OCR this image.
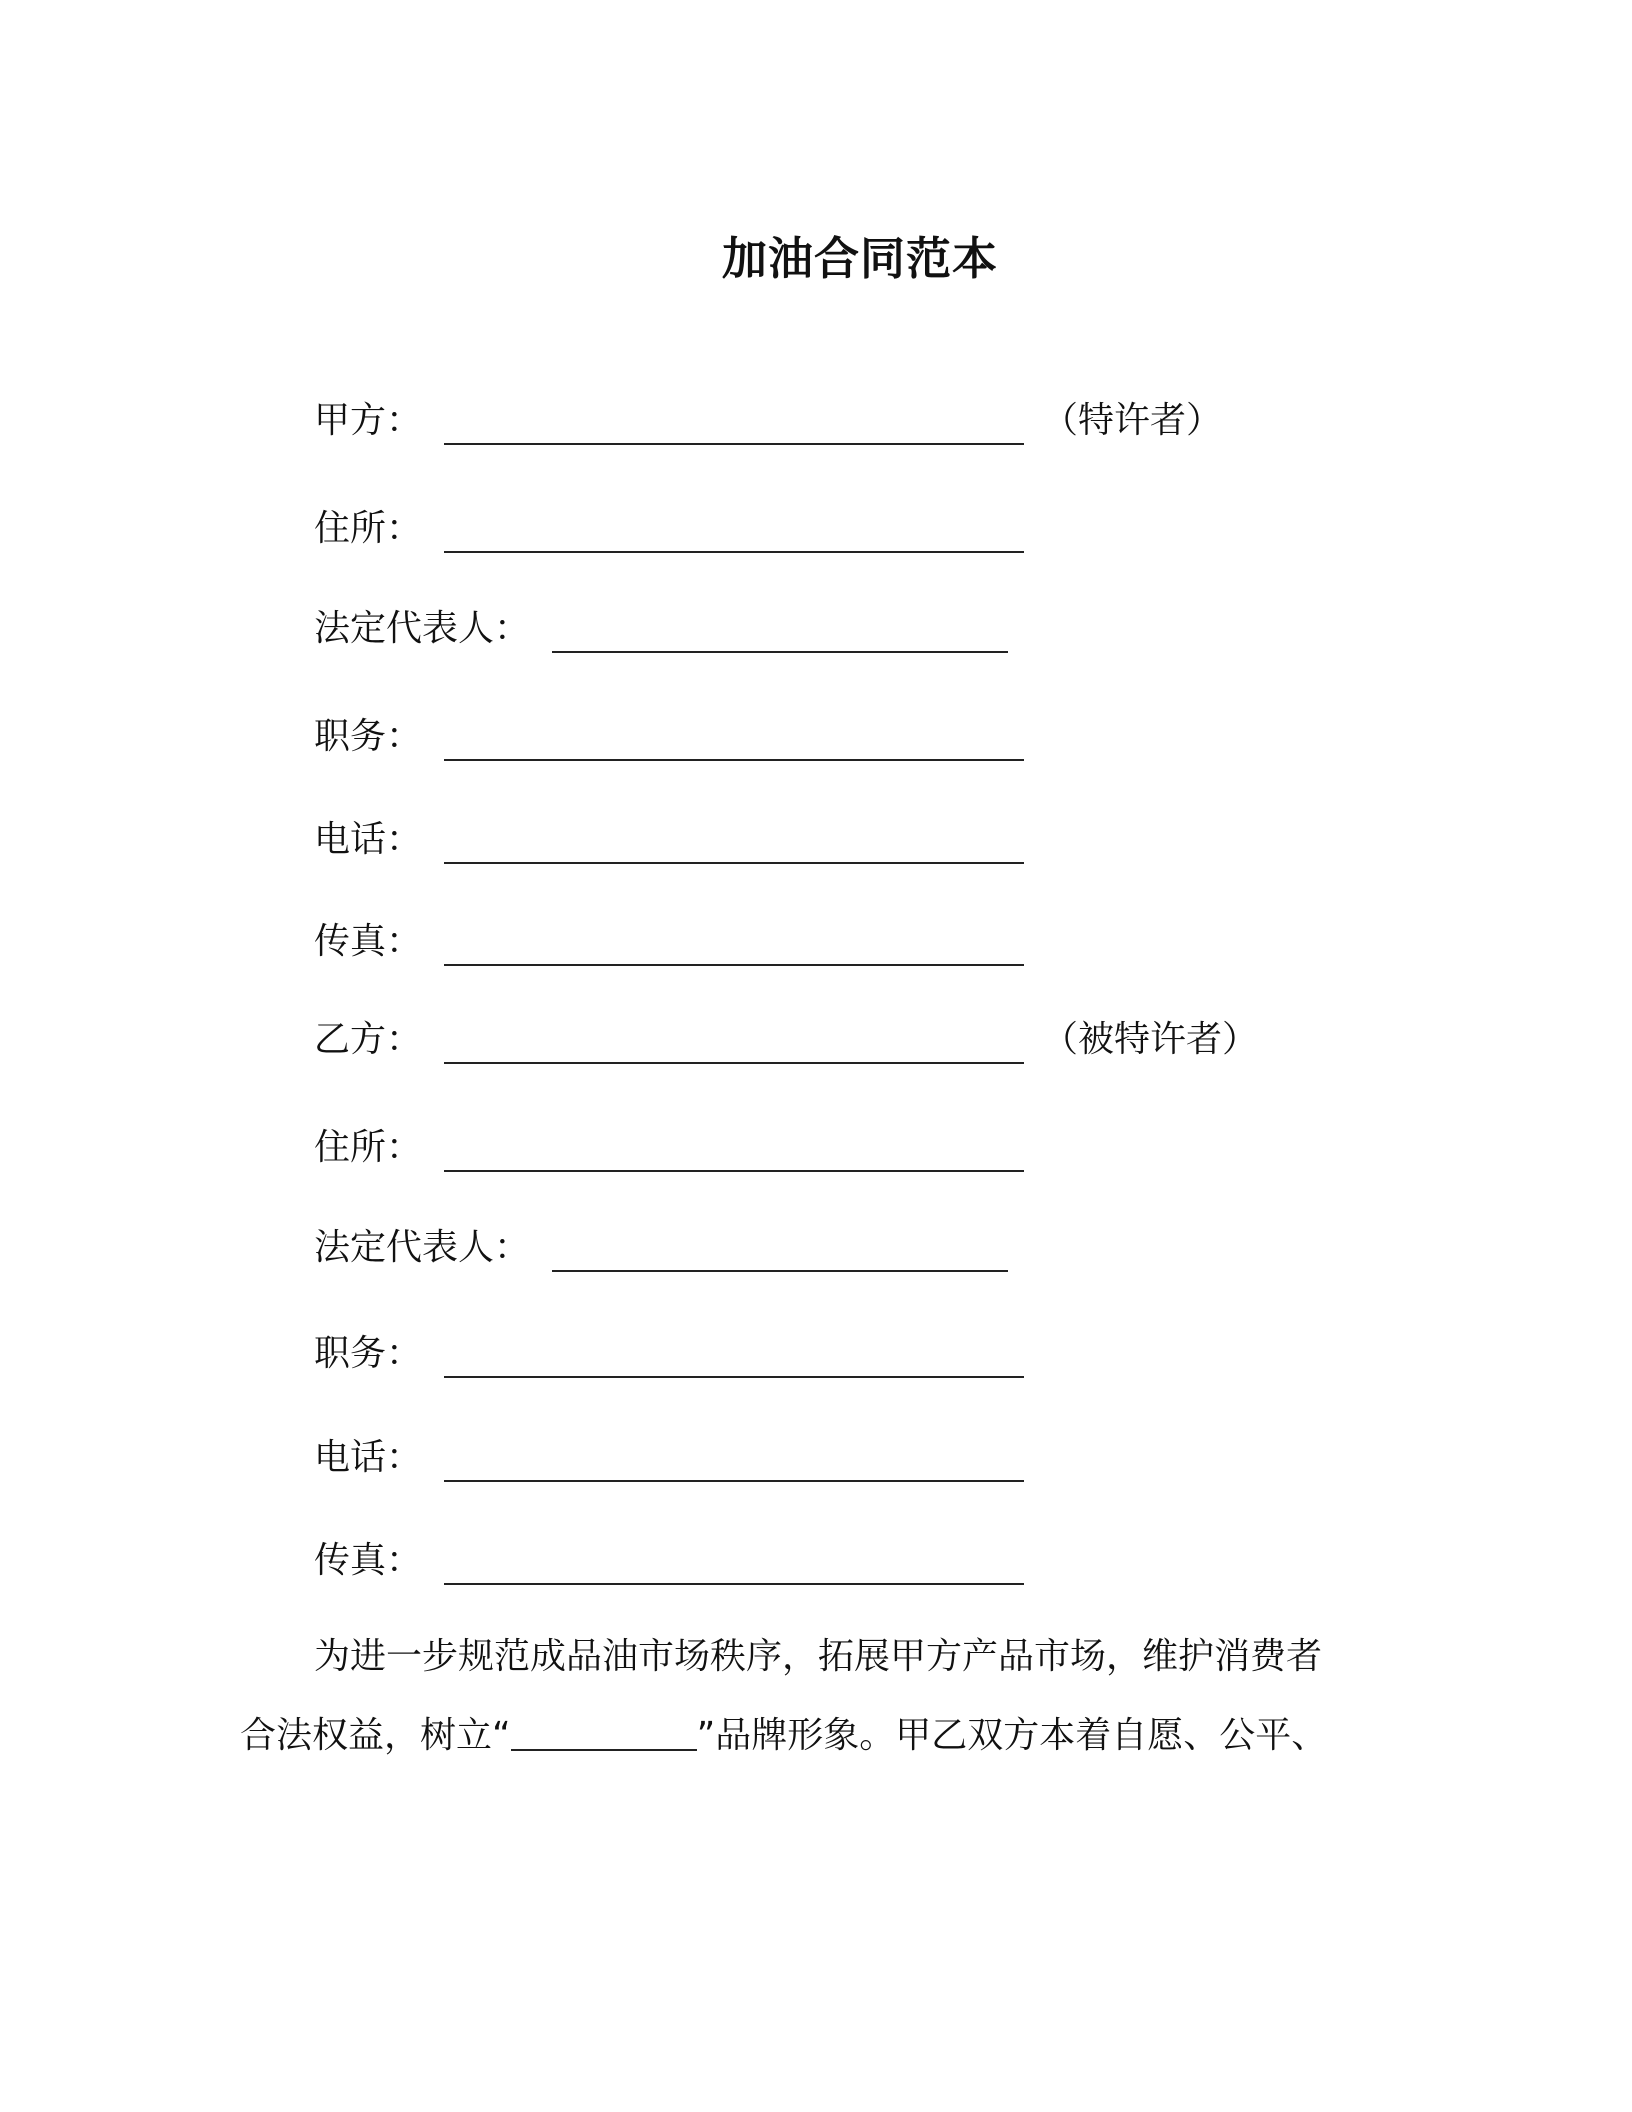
加油合同范本
甲方 ：	（特许者）
住所 ：
法定代表人 ：
职务 ：
电话 ：
传真 ：
乙方 ：	（被特许者）
住所 ：
法定代表人 ：
职务 ：
电话 ：
传真 ：
为进一步规范成品油市场秩序，拓展甲方产品市场，维护消费者
合法权益，树立“	”品牌形象。甲乙双方本着自愿、公平、
